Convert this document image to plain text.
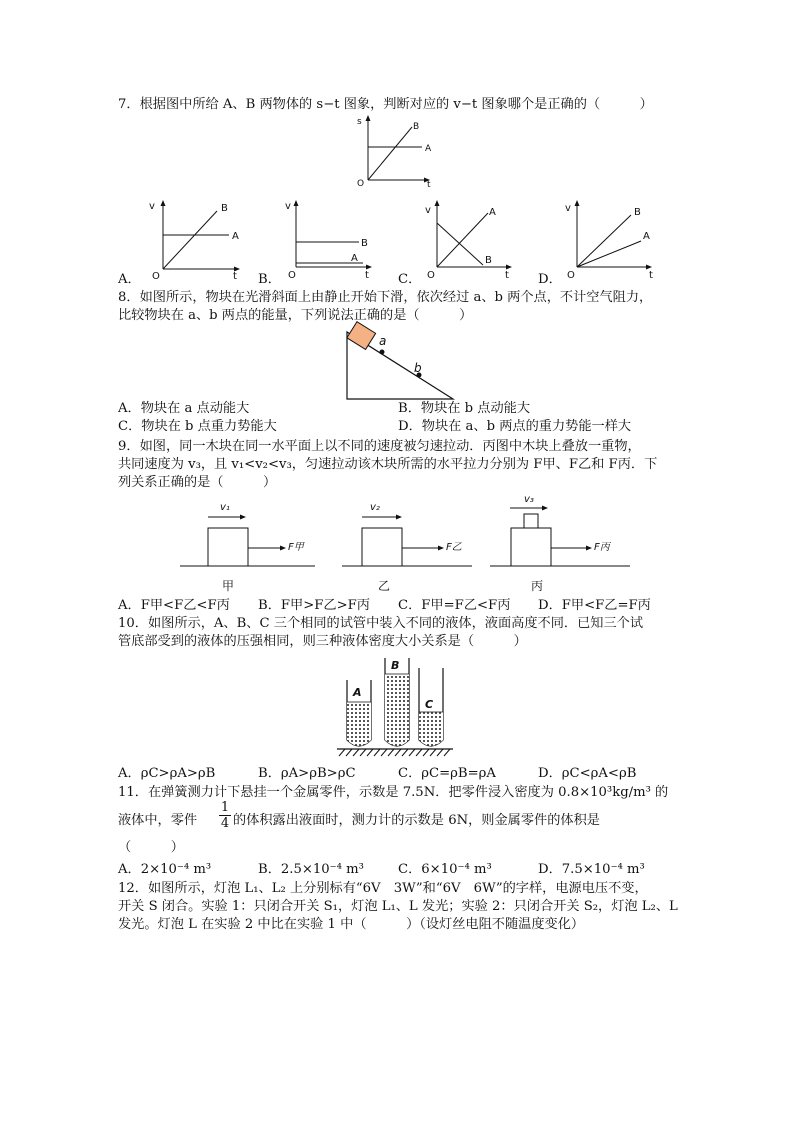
7．根据图中所给 A、B 两物体的 s−t 图象，判断对应的 v−t 图象哪个是正确的（　　　）
s
O	t
A
B
v
O	t
A
B	v
O	t
B
A
v
O	t
A
B
v
O	t
B
A
A．	B．	C．	D．
8．如图所示，物块在光滑斜面上由静止开始下滑，依次经过 a、b 两个点，不计空气阻力，
比较物块在 a、b 两点的能量，下列说法正确的是（　　　）
a
b
A．物块在 a 点动能大	B．物块在 b 点动能大
C．物块在 b 点重力势能大	D．物块在 a、b 两点的重力势能一样大
9．如图，同一木块在同一水平面上以不同的速度被匀速拉动．丙图中木块上叠放一重物，
共同速度为 v₃，且 v₁<v₂<v₃，匀速拉动该木块所需的水平拉力分别为 F甲、F乙和 F丙．下
列关系正确的是（　　　）
v₁
F甲
甲
v₂
F乙
乙
v₃
F丙
丙
A．F甲<F乙<F丙 B．F甲>F乙>F丙 C．F甲=F乙<F丙 D．F甲<F乙=F丙
10．如图所示，A、B、C 三个相同的试管中装入不同的液体，液面高度不同．已知三个试
管底部受到的液体的压强相同，则三种液体密度大小关系是（　　　）
A
B
C
A．ρC>ρA>ρB	B．ρA>ρB>ρC	C．ρC=ρB=ρA	D．ρC<ρA<ρB
11．在弹簧测力计下悬挂一个金属零件，示数是 7.5N．把零件浸入密度为 0.8×10³kg/m³ 的
液体中，零件 $\frac{1}{4}$ 的体积露出液面时，测力计的示数是 6N，则金属零件的体积是
（　　　）
A．2×10⁻⁴ m³	B．2.5×10⁻⁴ m³	C．6×10⁻⁴ m³	D．7.5×10⁻⁴ m³
12．如图所示，灯泡 L₁、L₂ 上分别标有“6V　3W”和“6V　6W”的字样，电源电压不变，
开关 S 闭合。实验 1：只闭合开关 S₁，灯泡 L₁、L 发光；实验 2：只闭合开关 S₂，灯泡 L₂、L
发光。灯泡 L 在实验 2 中比在实验 1 中（　　　）（设灯丝电阻不随温度变化）
